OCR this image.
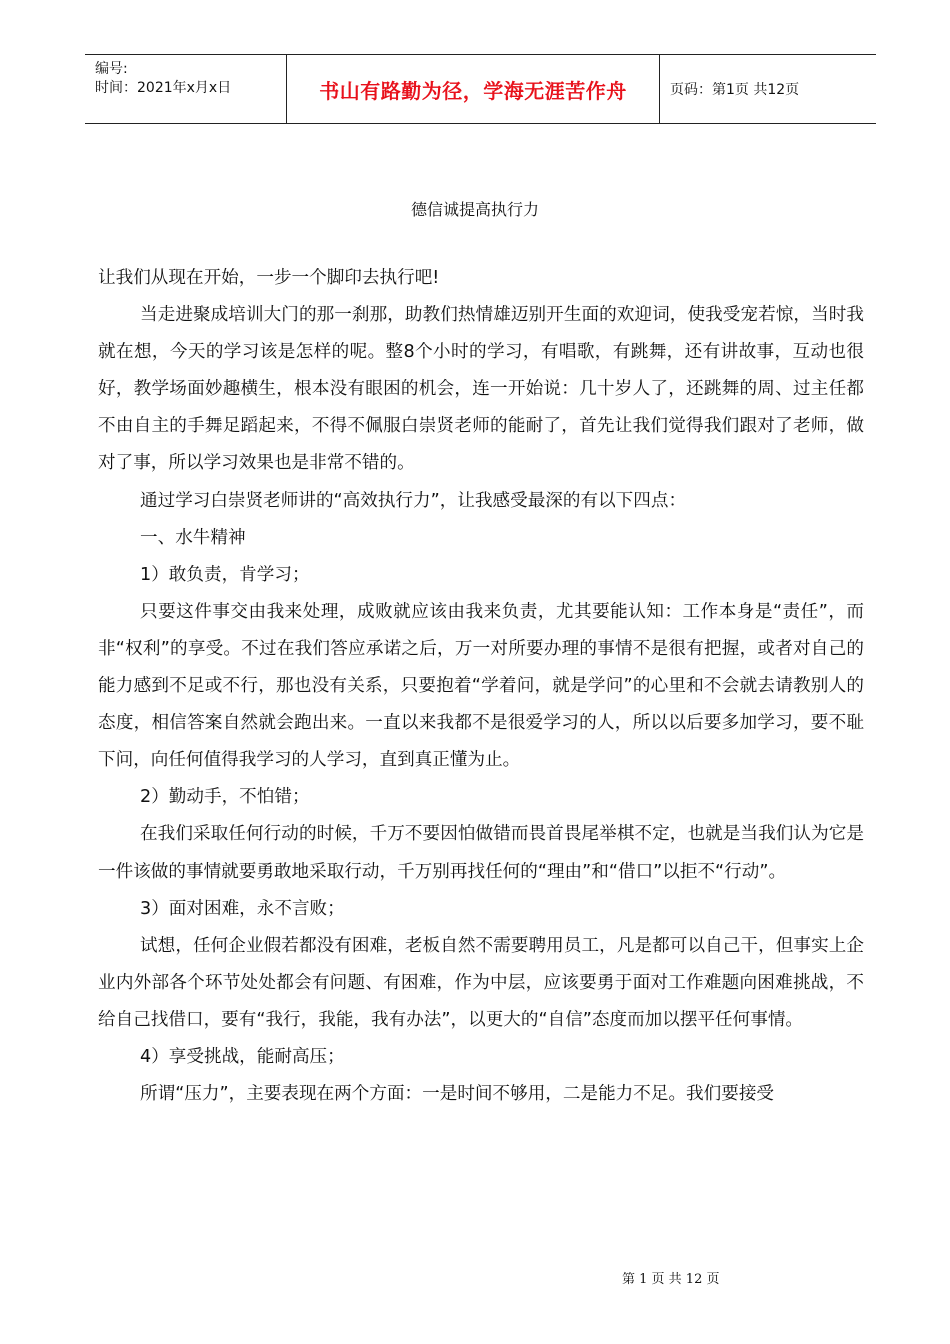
编号:
时间：2021年x月x日	书山有路勤为径，学海无涯苦作舟	页码：第1页 共12页
德信诚提高执行力

让我们从现在开始，一步一个脚印去执行吧!

当走进聚成培训大门的那一刹那，助教们热情雄迈别开生面的欢迎词，使我受宠若惊，当时我就在想，今天的学习该是怎样的呢。整8个小时的学习，有唱歌，有跳舞，还有讲故事，互动也很好，教学场面妙趣横生，根本没有眼困的机会，连一开始说：几十岁人了，还跳舞的周、过主任都不由自主的手舞足蹈起来，不得不佩服白崇贤老师的能耐了，首先让我们觉得我们跟对了老师，做对了事，所以学习效果也是非常不错的。

通过学习白崇贤老师讲的“高效执行力”，让我感受最深的有以下四点：

一、水牛精神

1）敢负责，肯学习；

只要这件事交由我来处理，成败就应该由我来负责，尤其要能认知：工作本身是“责任”，而非“权利”的享受。不过在我们答应承诺之后，万一对所要办理的事情不是很有把握，或者对自己的能力感到不足或不行，那也没有关系，只要抱着“学着问，就是学问”的心里和不会就去请教别人的态度，相信答案自然就会跑出来。一直以来我都不是很爱学习的人，所以以后要多加学习，要不耻下问，向任何值得我学习的人学习，直到真正懂为止。

2）勤动手，不怕错；

在我们采取任何行动的时候，千万不要因怕做错而畏首畏尾举棋不定，也就是当我们认为它是一件该做的事情就要勇敢地采取行动，千万别再找任何的“理由”和“借口”以拒不“行动”。

3）面对困难，永不言败；

试想，任何企业假若都没有困难，老板自然不需要聘用员工，凡是都可以自己干，但事实上企业内外部各个环节处处都会有问题、有困难，作为中层，应该要勇于面对工作难题向困难挑战，不给自己找借口，要有“我行，我能，我有办法”，以更大的“自信”态度而加以摆平任何事情。

4）享受挑战，能耐高压；

所谓“压力”，主要表现在两个方面：一是时间不够用，二是能力不足。我们要接受

第 1 页 共 12 页
